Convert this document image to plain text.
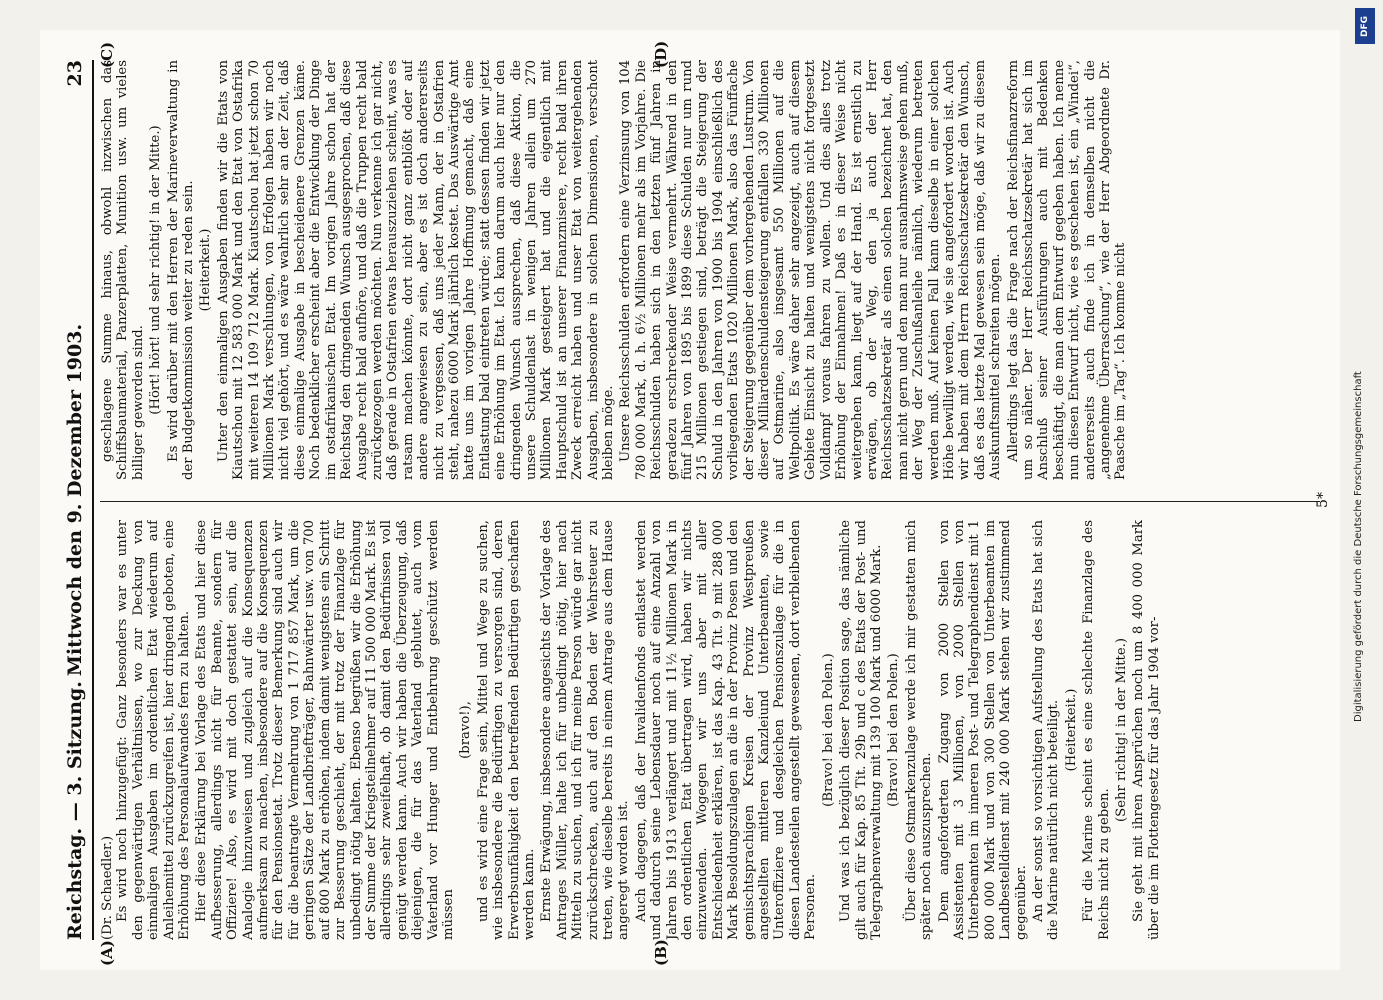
Reichstag. — 3. Sitzung.
Mittwoch den 9. Dezember 1903.
23
(A)	(B)
(C)	(D)

(Dr. Schaedler.) Es wird noch hinzugefügt: Ganz besonders war es unter den gegenwärtigen Verhältnissen, wo zur Deckung von einmaligen Ausgaben im ordentlichen Etat wiederum auf Anleihemittel zurückzugreifen ist, hier dringend geboten, eine Erhöhung des Personalaufwandes fern zu halten. Hier diese Erklärung bei Vorlage des Etats und hier diese Aufbesserung, allerdings nicht für Beamte, sondern für Offiziere! Also, es wird mit doch gestattet sein, auf die Analogie hinzuweisen und zugleich auf die Konsequenzen aufmerksam zu machen, insbesondere auf die Konsequenzen für den Pensionsetat. Trotz dieser Bemerkung sind auch wir für die beantragte Vermehrung von 1 717 857 Mark, um die geringen Sätze der Landbriefträger, Bahnwärter usw. von 700 auf 800 Mark zu erhöhen, indem damit wenigstens ein Schritt zur Besserung geschieht, der mit trotz der Finanzlage für unbedingt nötig halten. Ebenso begrüßen wir die Erhöhung der Summe der Kriegsteilnehmer auf 11 500 000 Mark. Es ist allerdings sehr zweifelhaft, ob damit den Bedürfnissen voll genügt werden kann. Auch wir haben die Überzeugung, daß diejenigen, die für das Vaterland geblutet, auch vom Vaterland vor Hunger und Entbehrung geschützt werden müssen

(bravo!), und es wird eine Frage sein, Mittel und Wege zu suchen, wie insbesondere die Bedürftigen zu versorgen sind, deren Erwerbsunfähigkeit den betreffenden Bedürftigen geschaffen werden kann. Ernste Erwägung, insbesondere angesichts der Vorlage des Antrages Müller, halte ich für unbedingt nötig, hier nach Mitteln zu suchen, und ich für meine Person würde gar nicht zurückschrecken, auch auf den Boden der Wehrsteuer zu treten, wie dieselbe bereits in einem Antrage aus dem Hause angeregt worden ist. Auch dagegen, daß der Invalidenfonds entlastet werden und dadurch seine Lebensdauer noch auf eine Anzahl von Jahren bis 1913 verlängert und mit 11½ Millionen Mark in den ordentlichen Etat übertragen wird, haben wir nichts einzuwenden. Wogegen wir uns aber mit aller Entschiedenheit erklären, ist das Kap. 43 Tit. 9 mit 288 000 Mark Besoldungszulagen an die in der Provinz Posen und den gemischtsprachigen Kreisen der Provinz Westpreußen angestellten mittleren Kanzleiund Unterbeamten, sowie Unteroffiziere und desgleichen Pensionszulage für die in diesen Landesteilen angestellt gewesenen, dort verbleibenden Personen.

(Bravo! bei den Polen.) Und was ich bezüglich dieser Position sage, das nämliche gilt auch für Kap. 85 Tit. 29b und c des Etats der Post- und Telegraphenverwaltung mit 139 100 Mark und 6000 Mark. (Bravo! bei den Polen.) Über diese Ostmarkenzulage werde ich mir gestatten mich später noch auszusprechen. Dem angeforderten Zugang von 2000 Stellen von Assistenten mit 3 Millionen, von 2000 Stellen von Unterbeamten im inneren Post- und Telegraphendienst mit 1 800 000 Mark und von 300 Stellen von Unterbeamten im Landbestelldienst mit 240 000 Mark stehen wir zustimmend gegenüber. An der sonst so vorsichtigen Aufstellung des Etats hat sich die Marine natürlich nicht beteiligt. (Heiterkeit.) Für die Marine scheint es eine schlechte Finanzlage des Reichs nicht zu geben.

(Sehr richtig! in der Mitte.) Sie geht mit ihren Ansprüchen noch um 8 400 000 Mark über die im Flottengesetz für das Jahr 1904 vor-

geschlagene Summe hinaus, obwohl inzwischen das Schiffsbaumaterial, Panzerplatten, Munition usw. um vieles billiger geworden sind. (Hört! hört! und sehr richtig! in der Mitte.) Es wird darüber mit den Herren der Marineverwaltung in der Budgetkommission weiter zu reden sein. (Heiterkeit.) Unter den einmaligen Ausgaben finden wir die Etats von Kiautschou mit 12 583 000 Mark und den Etat von Ostafrika mit weiteren 14 109 712 Mark. Kiautschou hat jetzt schon 70 Millionen Mark verschlungen, von Erfolgen haben wir noch nicht viel gehört, und es wäre wahrlich sehr an der Zeit, daß diese einmalige Ausgabe in bescheidenere Grenzen käme. Noch bedenklicher erscheint aber die Entwicklung der Dinge im ostafrikanischen Etat. Im vorigen Jahre schon hat der Reichstag den dringenden Wunsch ausgesprochen, daß diese Ausgabe recht bald aufhöre, und daß die Truppen recht bald zurückgezogen werden möchten. Nun verkenne ich gar nicht, daß gerade in Ostafrien etwas herauszuziehen scheint, was es ratsam machen könnte, dort nicht ganz entblößt oder auf andere angewiesen zu sein, aber es ist doch andererseits nicht zu vergessen, daß uns jeder Mann, der in Ostafrien steht, nahezu 6000 Mark jährlich kostet. Das Auswärtige Amt hatte uns im vorigen Jahre Hoffnung gemacht, daß eine Entlastung bald eintreten würde; statt dessen finden wir jetzt eine Erhöhung im Etat. Ich kann darum auch hier nur den dringenden Wunsch aussprechen, daß diese Aktion, die unsere Schuldenlast in wenigen Jahren allein um 270 Millionen Mark gesteigert hat und die eigentlich mit Hauptschuld ist an unserer Finanzmisere, recht bald ihren Zweck erreicht haben und unser Etat von weitergehenden Ausgaben, insbesondere in solchen Dimensionen, verschont bleiben möge. Unsere Reichsschulden erfordern eine Verzinsung von 104 780 000 Mark, d. h. 6½ Millionen mehr als im Vorjahre. Die Reichsschulden haben sich in den letzten fünf Jahren in geradezu erschreckender Weise vermehrt. Während in den fünf Jahren von 1895 bis 1899 diese Schulden nur um rund 215 Millionen gestiegen sind, beträgt die Steigerung der Schuld in den Jahren von 1900 bis 1904 einschließlich des vorliegenden Etats 1020 Millionen Mark, also das Fünffache der Steigerung gegenüber dem vorhergehenden Lustrum. Von dieser Milliardenschuldensteigerung entfallen 330 Millionen auf Ostmarine, also insgesamt 550 Millionen auf die Weltpolitik. Es wäre daher sehr angezeigt, auch auf diesem Gebiete Einsicht zu halten und wenigstens nicht fortgesetzt Volldampf voraus fahren zu wollen. Und dies alles trotz Erhöhung der Einnahmen! Daß es in dieser Weise nicht weitergehen kann, liegt auf der Hand. Es ist ernstlich zu erwägen, ob der Weg, den ja auch der Herr Reichsschatzsekretär als einen solchen bezeichnet hat, den man nicht gern und den man nur ausnahmsweise gehen muß, der Weg der Zuschußanleihe nämlich, wiederum betreten werden muß. Auf keinen Fall kann dieselbe in einer solchen Höhe bewilligt werden, wie sie angefordert worden ist. Auch wir haben mit dem Herrn Reichsschatzsekretär den Wunsch, daß es das letzte Mal gewesen sein möge, daß wir zu diesem Auskunftsmittel schreiten mögen. Allerdings legt das die Frage nach der Reichsfinanzreform um so näher. Der Herr Reichsschatzsekretär hat sich im Anschluß seiner Ausführungen auch mit Bedenken beschäftigt, die man dem Entwurf gegeben haben. Ich nenne nun diesen Entwurf nicht, wie es geschehen ist, ein „Windei“, andererseits auch finde ich in demselben nicht die „angenehme Überraschung“, wie der Herr Abgeordnete Dr. Paasche im „Tag“. Ich komme nicht

5*
DFG
Digitalisierung gefördert durch die Deutsche Forschungsgemeinschaft
